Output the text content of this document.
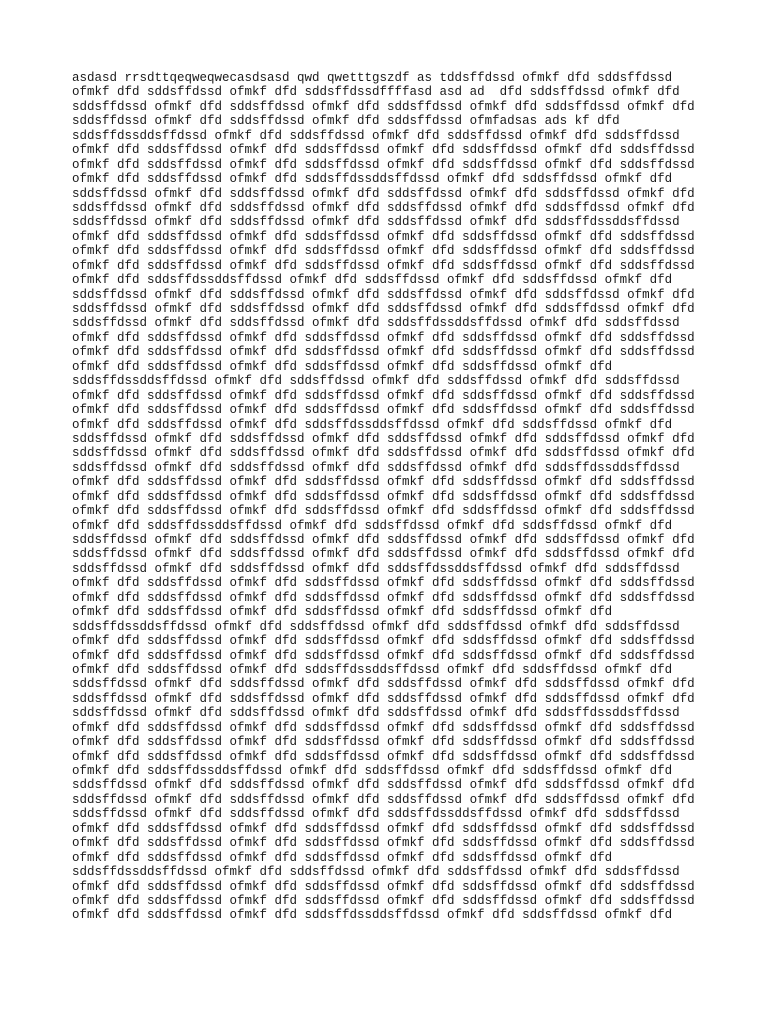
asdasd rrsdttqeqweqwecasdsasd qwd qwetttgszdf as tddsffdssd ofmkf dfd sddsffdssd
ofmkf dfd sddsffdssd ofmkf dfd sddsffdssdffffasd asd ad  dfd sddsffdssd ofmkf dfd
sddsffdssd ofmkf dfd sddsffdssd ofmkf dfd sddsffdssd ofmkf dfd sddsffdssd ofmkf dfd
sddsffdssd ofmkf dfd sddsffdssd ofmkf dfd sddsffdssd ofmfadsas ads kf dfd
sddsffdssddsffdssd ofmkf dfd sddsffdssd ofmkf dfd sddsffdssd ofmkf dfd sddsffdssd
ofmkf dfd sddsffdssd ofmkf dfd sddsffdssd ofmkf dfd sddsffdssd ofmkf dfd sddsffdssd
ofmkf dfd sddsffdssd ofmkf dfd sddsffdssd ofmkf dfd sddsffdssd ofmkf dfd sddsffdssd
ofmkf dfd sddsffdssd ofmkf dfd sddsffdssddsffdssd ofmkf dfd sddsffdssd ofmkf dfd
sddsffdssd ofmkf dfd sddsffdssd ofmkf dfd sddsffdssd ofmkf dfd sddsffdssd ofmkf dfd
sddsffdssd ofmkf dfd sddsffdssd ofmkf dfd sddsffdssd ofmkf dfd sddsffdssd ofmkf dfd
sddsffdssd ofmkf dfd sddsffdssd ofmkf dfd sddsffdssd ofmkf dfd sddsffdssddsffdssd
ofmkf dfd sddsffdssd ofmkf dfd sddsffdssd ofmkf dfd sddsffdssd ofmkf dfd sddsffdssd
ofmkf dfd sddsffdssd ofmkf dfd sddsffdssd ofmkf dfd sddsffdssd ofmkf dfd sddsffdssd
ofmkf dfd sddsffdssd ofmkf dfd sddsffdssd ofmkf dfd sddsffdssd ofmkf dfd sddsffdssd
ofmkf dfd sddsffdssddsffdssd ofmkf dfd sddsffdssd ofmkf dfd sddsffdssd ofmkf dfd
sddsffdssd ofmkf dfd sddsffdssd ofmkf dfd sddsffdssd ofmkf dfd sddsffdssd ofmkf dfd
sddsffdssd ofmkf dfd sddsffdssd ofmkf dfd sddsffdssd ofmkf dfd sddsffdssd ofmkf dfd
sddsffdssd ofmkf dfd sddsffdssd ofmkf dfd sddsffdssddsffdssd ofmkf dfd sddsffdssd
ofmkf dfd sddsffdssd ofmkf dfd sddsffdssd ofmkf dfd sddsffdssd ofmkf dfd sddsffdssd
ofmkf dfd sddsffdssd ofmkf dfd sddsffdssd ofmkf dfd sddsffdssd ofmkf dfd sddsffdssd
ofmkf dfd sddsffdssd ofmkf dfd sddsffdssd ofmkf dfd sddsffdssd ofmkf dfd
sddsffdssddsffdssd ofmkf dfd sddsffdssd ofmkf dfd sddsffdssd ofmkf dfd sddsffdssd
ofmkf dfd sddsffdssd ofmkf dfd sddsffdssd ofmkf dfd sddsffdssd ofmkf dfd sddsffdssd
ofmkf dfd sddsffdssd ofmkf dfd sddsffdssd ofmkf dfd sddsffdssd ofmkf dfd sddsffdssd
ofmkf dfd sddsffdssd ofmkf dfd sddsffdssddsffdssd ofmkf dfd sddsffdssd ofmkf dfd
sddsffdssd ofmkf dfd sddsffdssd ofmkf dfd sddsffdssd ofmkf dfd sddsffdssd ofmkf dfd
sddsffdssd ofmkf dfd sddsffdssd ofmkf dfd sddsffdssd ofmkf dfd sddsffdssd ofmkf dfd
sddsffdssd ofmkf dfd sddsffdssd ofmkf dfd sddsffdssd ofmkf dfd sddsffdssddsffdssd
ofmkf dfd sddsffdssd ofmkf dfd sddsffdssd ofmkf dfd sddsffdssd ofmkf dfd sddsffdssd
ofmkf dfd sddsffdssd ofmkf dfd sddsffdssd ofmkf dfd sddsffdssd ofmkf dfd sddsffdssd
ofmkf dfd sddsffdssd ofmkf dfd sddsffdssd ofmkf dfd sddsffdssd ofmkf dfd sddsffdssd
ofmkf dfd sddsffdssddsffdssd ofmkf dfd sddsffdssd ofmkf dfd sddsffdssd ofmkf dfd
sddsffdssd ofmkf dfd sddsffdssd ofmkf dfd sddsffdssd ofmkf dfd sddsffdssd ofmkf dfd
sddsffdssd ofmkf dfd sddsffdssd ofmkf dfd sddsffdssd ofmkf dfd sddsffdssd ofmkf dfd
sddsffdssd ofmkf dfd sddsffdssd ofmkf dfd sddsffdssddsffdssd ofmkf dfd sddsffdssd
ofmkf dfd sddsffdssd ofmkf dfd sddsffdssd ofmkf dfd sddsffdssd ofmkf dfd sddsffdssd
ofmkf dfd sddsffdssd ofmkf dfd sddsffdssd ofmkf dfd sddsffdssd ofmkf dfd sddsffdssd
ofmkf dfd sddsffdssd ofmkf dfd sddsffdssd ofmkf dfd sddsffdssd ofmkf dfd
sddsffdssddsffdssd ofmkf dfd sddsffdssd ofmkf dfd sddsffdssd ofmkf dfd sddsffdssd
ofmkf dfd sddsffdssd ofmkf dfd sddsffdssd ofmkf dfd sddsffdssd ofmkf dfd sddsffdssd
ofmkf dfd sddsffdssd ofmkf dfd sddsffdssd ofmkf dfd sddsffdssd ofmkf dfd sddsffdssd
ofmkf dfd sddsffdssd ofmkf dfd sddsffdssddsffdssd ofmkf dfd sddsffdssd ofmkf dfd
sddsffdssd ofmkf dfd sddsffdssd ofmkf dfd sddsffdssd ofmkf dfd sddsffdssd ofmkf dfd
sddsffdssd ofmkf dfd sddsffdssd ofmkf dfd sddsffdssd ofmkf dfd sddsffdssd ofmkf dfd
sddsffdssd ofmkf dfd sddsffdssd ofmkf dfd sddsffdssd ofmkf dfd sddsffdssddsffdssd
ofmkf dfd sddsffdssd ofmkf dfd sddsffdssd ofmkf dfd sddsffdssd ofmkf dfd sddsffdssd
ofmkf dfd sddsffdssd ofmkf dfd sddsffdssd ofmkf dfd sddsffdssd ofmkf dfd sddsffdssd
ofmkf dfd sddsffdssd ofmkf dfd sddsffdssd ofmkf dfd sddsffdssd ofmkf dfd sddsffdssd
ofmkf dfd sddsffdssddsffdssd ofmkf dfd sddsffdssd ofmkf dfd sddsffdssd ofmkf dfd
sddsffdssd ofmkf dfd sddsffdssd ofmkf dfd sddsffdssd ofmkf dfd sddsffdssd ofmkf dfd
sddsffdssd ofmkf dfd sddsffdssd ofmkf dfd sddsffdssd ofmkf dfd sddsffdssd ofmkf dfd
sddsffdssd ofmkf dfd sddsffdssd ofmkf dfd sddsffdssddsffdssd ofmkf dfd sddsffdssd
ofmkf dfd sddsffdssd ofmkf dfd sddsffdssd ofmkf dfd sddsffdssd ofmkf dfd sddsffdssd
ofmkf dfd sddsffdssd ofmkf dfd sddsffdssd ofmkf dfd sddsffdssd ofmkf dfd sddsffdssd
ofmkf dfd sddsffdssd ofmkf dfd sddsffdssd ofmkf dfd sddsffdssd ofmkf dfd
sddsffdssddsffdssd ofmkf dfd sddsffdssd ofmkf dfd sddsffdssd ofmkf dfd sddsffdssd
ofmkf dfd sddsffdssd ofmkf dfd sddsffdssd ofmkf dfd sddsffdssd ofmkf dfd sddsffdssd
ofmkf dfd sddsffdssd ofmkf dfd sddsffdssd ofmkf dfd sddsffdssd ofmkf dfd sddsffdssd
ofmkf dfd sddsffdssd ofmkf dfd sddsffdssddsffdssd ofmkf dfd sddsffdssd ofmkf dfd
